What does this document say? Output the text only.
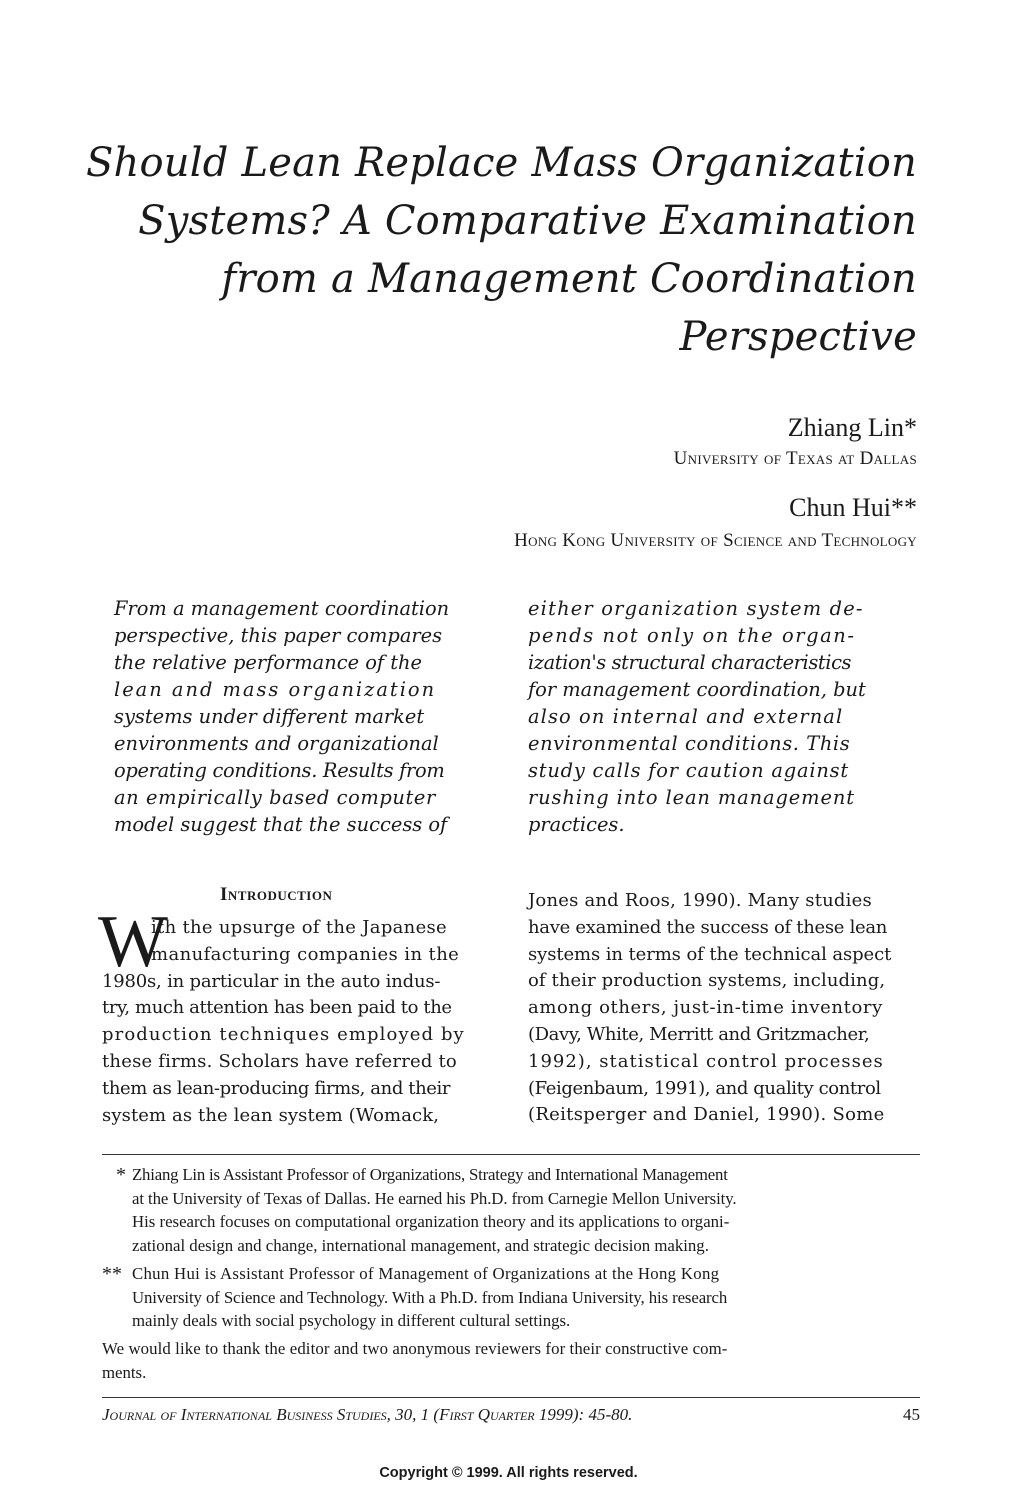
Should Lean Replace Mass Organization
Systems? A Comparative Examination
from a Management Coordination
Perspective
Zhiang Lin*
University of Texas at Dallas
Chun Hui**
Hong Kong University of Science and Technology
From a management coordination
perspective, this paper compares
the relative performance of the
lean and mass organization
systems under different market
environments and organizational
operating conditions. Results from
an empirically based computer
model suggest that the success of
either organization system de-
pends not only on the organ-
ization's structural characteristics
for management coordination, but
also on internal and external
environmental conditions. This
study calls for caution against
rushing into lean management
practices.
Introduction
W
ith the upsurge of the Japanese
manufacturing companies in the
1980s, in particular in the auto indus-
try, much attention has been paid to the
production techniques employed by
these firms. Scholars have referred to
them as lean-producing firms, and their
system as the lean system (Womack,
Jones and Roos, 1990). Many studies
have examined the success of these lean
systems in terms of the technical aspect
of their production systems, including,
among others, just-in-time inventory
(Davy, White, Merritt and Gritzmacher,
1992), statistical control processes
(Feigenbaum, 1991), and quality control
(Reitsperger and Daniel, 1990). Some
* Zhiang Lin is Assistant Professor of Organizations, Strategy and International Management
at the University of Texas of Dallas. He earned his Ph.D. from Carnegie Mellon University.
His research focuses on computational organization theory and its applications to organi-
zational design and change, international management, and strategic decision making.
** Chun Hui is Assistant Professor of Management of Organizations at the Hong Kong
University of Science and Technology. With a Ph.D. from Indiana University, his research
mainly deals with social psychology in different cultural settings.
We would like to thank the editor and two anonymous reviewers for their constructive com-
ments.
Journal of International Business Studies, 30, 1 (First Quarter 1999): 45-80.	45
Copyright © 1999. All rights reserved.
